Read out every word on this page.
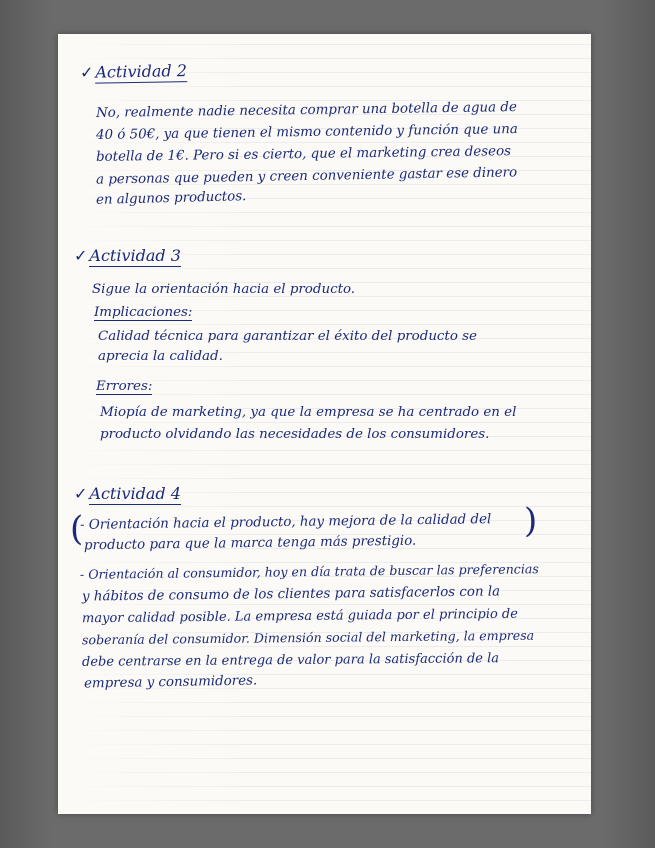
✓ Actividad 2
No, realmente nadie necesita comprar una botella de agua de
40 ó 50€, ya que tienen el mismo contenido y función que una
botella de 1€. Pero si es cierto, que el marketing crea deseos
a personas que pueden y creen conveniente gastar ese dinero
en algunos productos.
✓ Actividad 3
Sigue la orientación hacia el producto.
Implicaciones:
Calidad técnica para garantizar el éxito del producto se
aprecia la calidad.
Errores:
Miopía de marketing, ya que la empresa se ha centrado en el
producto olvidando las necesidades de los consumidores.
✓ Actividad 4
(	)
- Orientación hacia el producto, hay mejora de la calidad del
producto para que la marca tenga más prestigio.
- Orientación al consumidor, hoy en día trata de buscar las preferencias
y hábitos de consumo de los clientes para satisfacerlos con la
mayor calidad posible. La empresa está guiada por el principio de
soberanía del consumidor. Dimensión social del marketing, la empresa
debe centrarse en la entrega de valor para la satisfacción de la
empresa y consumidores.
